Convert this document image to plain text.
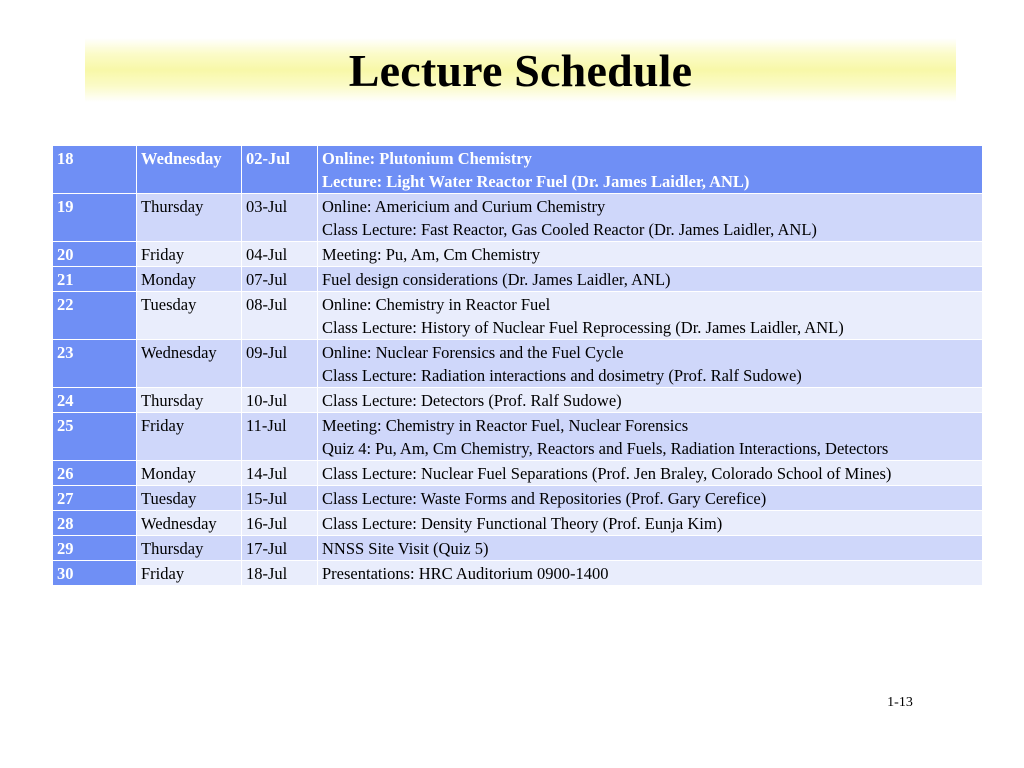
Lecture Schedule
18	Wednesday	02-Jul	Online: Plutonium Chemistry
Lecture: Light Water Reactor Fuel (Dr. James Laidler, ANL)

19	Thursday	03-Jul	Online: Americium and Curium Chemistry
Class Lecture: Fast Reactor, Gas Cooled Reactor (Dr. James Laidler, ANL)

20	Friday	04-Jul	Meeting: Pu, Am, Cm Chemistry

21	Monday	07-Jul	Fuel design considerations (Dr. James Laidler, ANL)

22	Tuesday	08-Jul	Online: Chemistry in Reactor Fuel
Class Lecture: History of Nuclear Fuel Reprocessing (Dr. James Laidler, ANL)

23	Wednesday	09-Jul	Online: Nuclear Forensics and the Fuel Cycle
Class Lecture: Radiation interactions and dosimetry (Prof. Ralf Sudowe)

24	Thursday	10-Jul	Class Lecture: Detectors (Prof. Ralf Sudowe)

25	Friday	11-Jul	Meeting: Chemistry in Reactor Fuel, Nuclear Forensics
Quiz 4: Pu, Am, Cm Chemistry, Reactors and Fuels, Radiation Interactions, Detectors

26	Monday	14-Jul	Class Lecture: Nuclear Fuel Separations (Prof. Jen Braley, Colorado School of Mines)

27	Tuesday	15-Jul	Class Lecture: Waste Forms and Repositories (Prof. Gary Cerefice)

28	Wednesday	16-Jul	Class Lecture: Density Functional Theory (Prof. Eunja Kim)

29	Thursday	17-Jul	NNSS Site Visit (Quiz 5)

30	Friday	18-Jul	Presentations: HRC Auditorium 0900-1400
1-13
